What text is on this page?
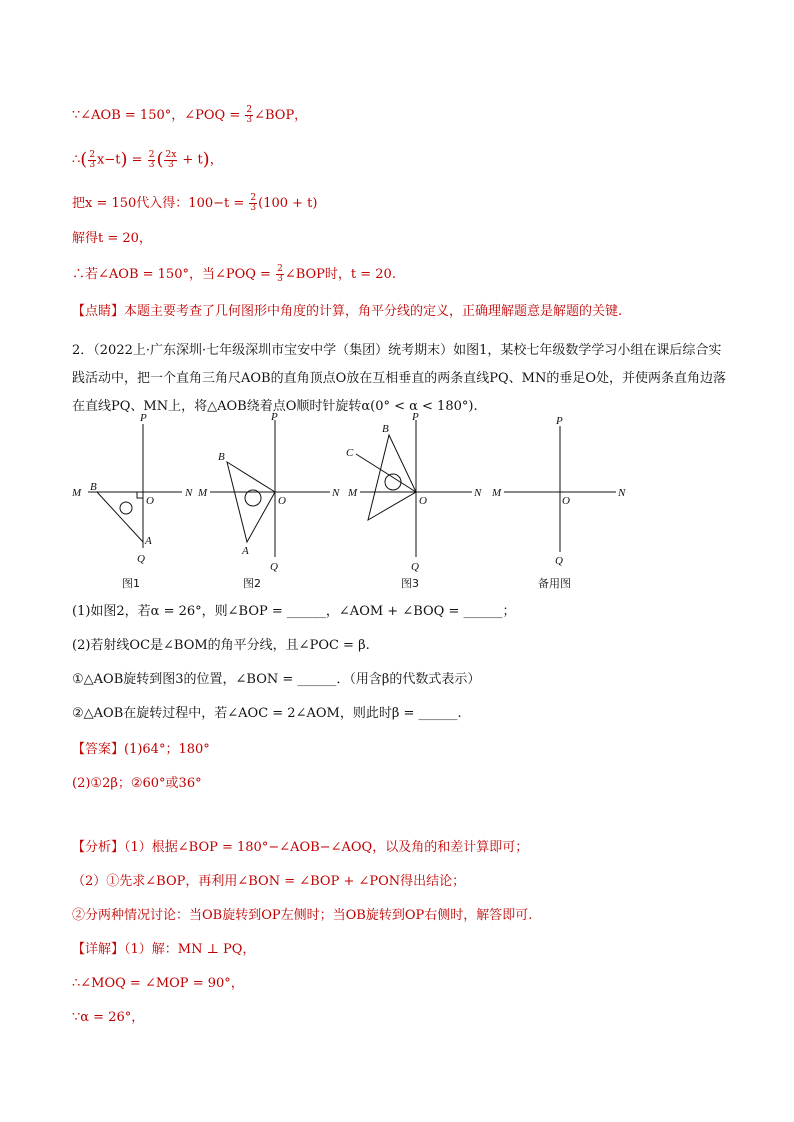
∵∠AOB = 150°，∠POQ = $\frac{2}{3}$ ∠BOP，
∴( $\frac{2}{3} x-t) = \frac{2}{3}$ ( $\frac{2x}{3} + t$)，
把x = 150代入得：$100-t = \frac{2}{3} (100 + t)$
解得t = 20，
∴若∠AOB = 150°，当∠POQ = $\frac{2}{3}$ ∠BOP时，t = 20.
【点睛】本题主要考查了几何图形中角度的计算，角平分线的定义，正确理解题意是解题的关键.
2．（2022上·广东深圳·七年级深圳市宝安中学（集团）统考期末）如图1，某校七年级数学学习小组在课后综合实践活动中，把一个直角三角尺AOB的直角顶点O放在互相垂直的两条直线PQ、MN的垂足O处，并使两条直角边落在直线PQ、MN上，将△AOB绕着点O顺时针旋转α(0° < α < 180°).
M	N
P
Q
O
A
B	M	N
P
Q
O
A
B
M	N
P
Q
O
B
C
M	N
P
Q
O
图1	图2	图3	备用图
(1)如图2，若α = 26°，则∠BOP = ______，∠AOM + ∠BOQ = ______；
(2)若射线OC是∠BOM的角平分线，且∠POC = β.
①△AOB旋转到图3的位置，∠BON = ______．（用含β的代数式表示）
②△AOB在旋转过程中，若∠AOC = 2∠AOM，则此时β = ______.
【答案】(1)64°；180°
(2)①2β；②60°或36°
【分析】（1）根据∠BOP = 180°−∠AOB−∠AOQ，以及角的和差计算即可；
（2）①先求∠BOP，再利用∠BON = ∠BOP + ∠PON得出结论；
②分两种情况讨论：当OB旋转到OP左侧时；当OB旋转到OP右侧时，解答即可.
【详解】（1）解：MN ⊥ PQ，
∴∠MOQ = ∠MOP = 90°，
∵α = 26°，
